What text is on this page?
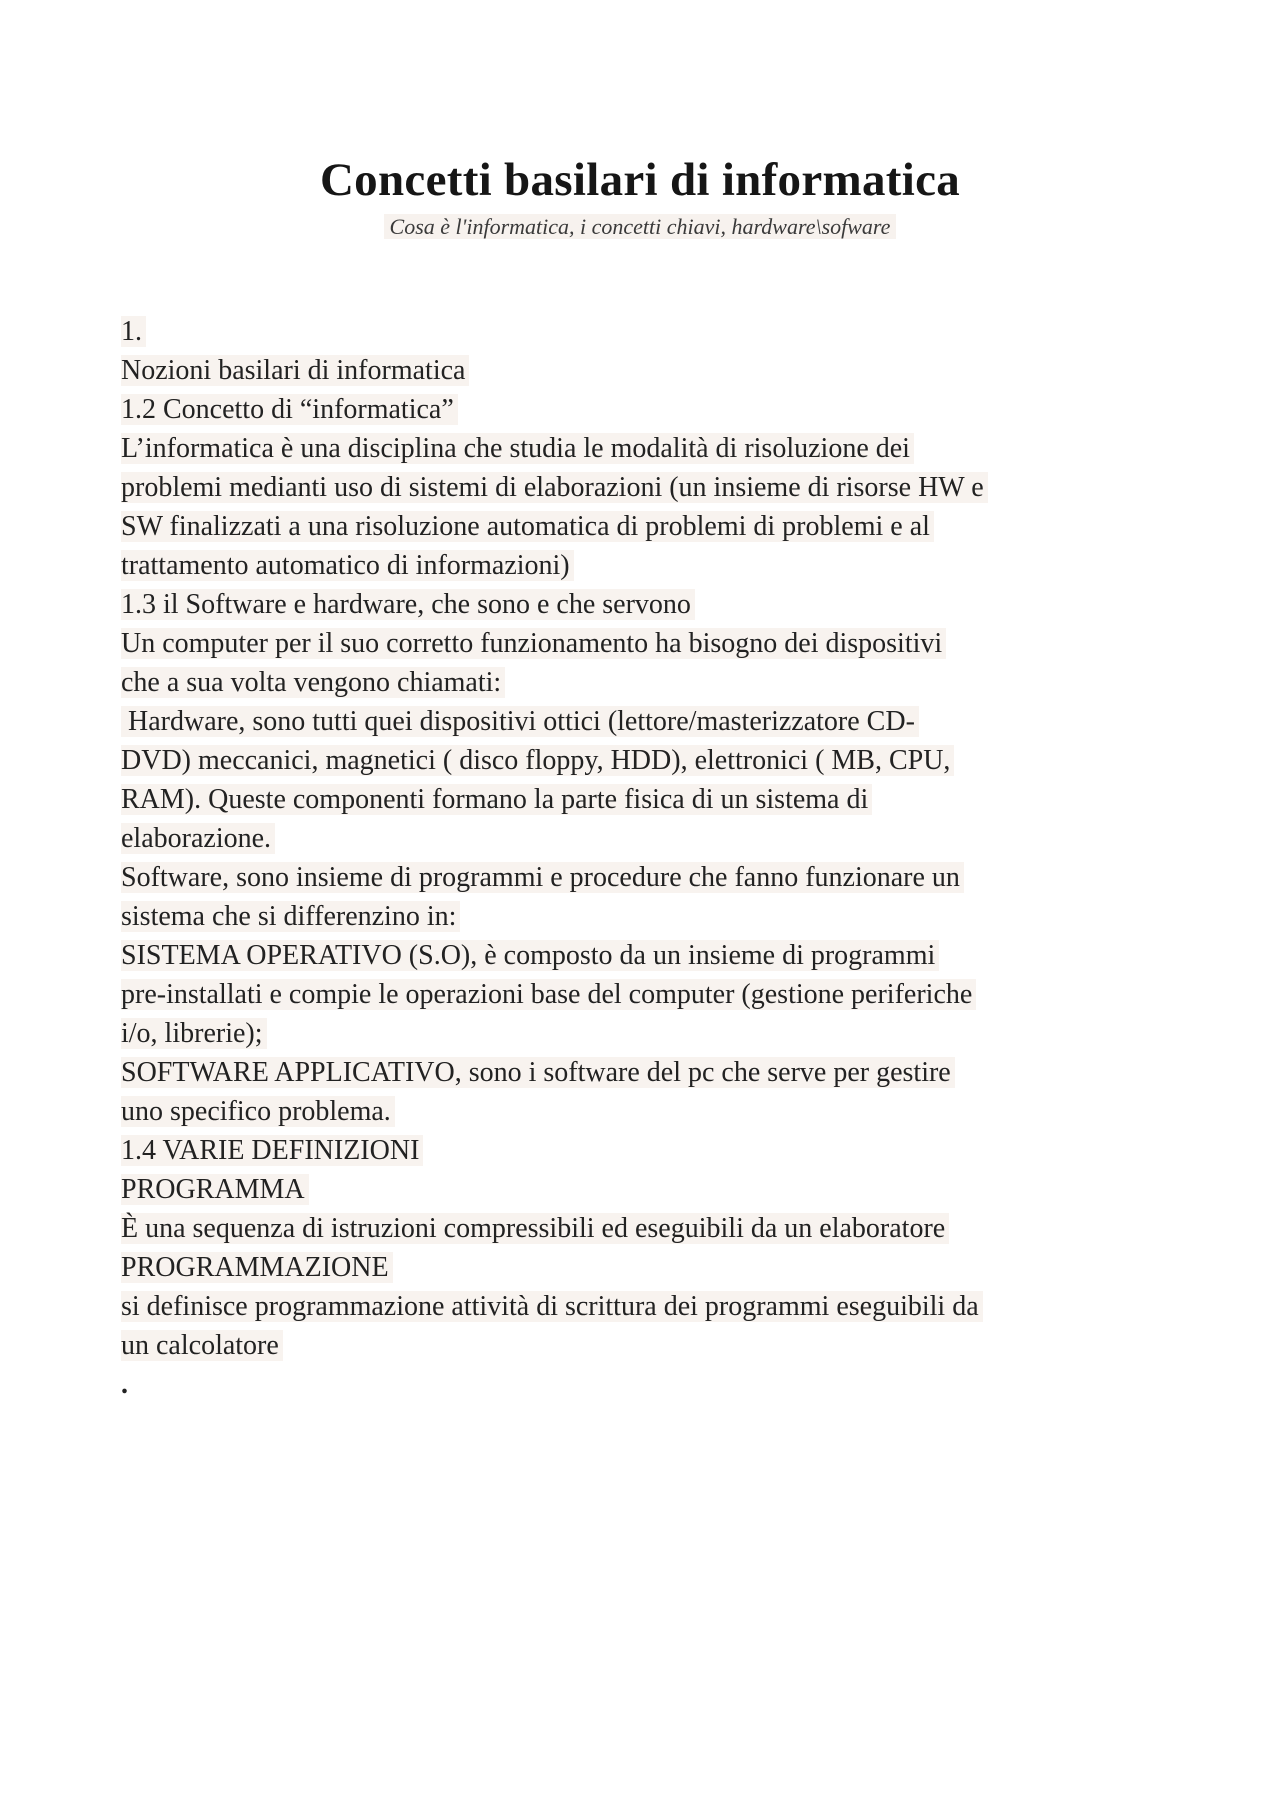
Concetti basilari di informatica
Cosa è l'informatica, i concetti chiavi, hardware\sofware
1.
Nozioni basilari di informatica
1.2 Concetto di “informatica”
L’informatica è una disciplina che studia le modalità di risoluzione dei
problemi medianti uso di sistemi di elaborazioni (un insieme di risorse HW e
SW finalizzati a una risoluzione automatica di problemi di problemi e al
trattamento automatico di informazioni)
1.3 il Software e hardware, che sono e che servono
Un computer per il suo corretto funzionamento ha bisogno dei dispositivi
che a sua volta vengono chiamati:
Hardware, sono tutti quei dispositivi ottici (lettore/masterizzatore CD-
DVD) meccanici, magnetici ( disco floppy, HDD), elettronici ( MB, CPU,
RAM). Queste componenti formano la parte fisica di un sistema di
elaborazione.
Software, sono insieme di programmi e procedure che fanno funzionare un
sistema che si differenzino in:
SISTEMA OPERATIVO (S.O), è composto da un insieme di programmi
pre-installati e compie le operazioni base del computer (gestione periferiche
i/o, librerie);
SOFTWARE APPLICATIVO, sono i software del pc che serve per gestire
uno specifico problema.
1.4 VARIE DEFINIZIONI
PROGRAMMA
È una sequenza di istruzioni compressibili ed eseguibili da un elaboratore
PROGRAMMAZIONE
si definisce programmazione attività di scrittura dei programmi eseguibili da
un calcolatore
.
